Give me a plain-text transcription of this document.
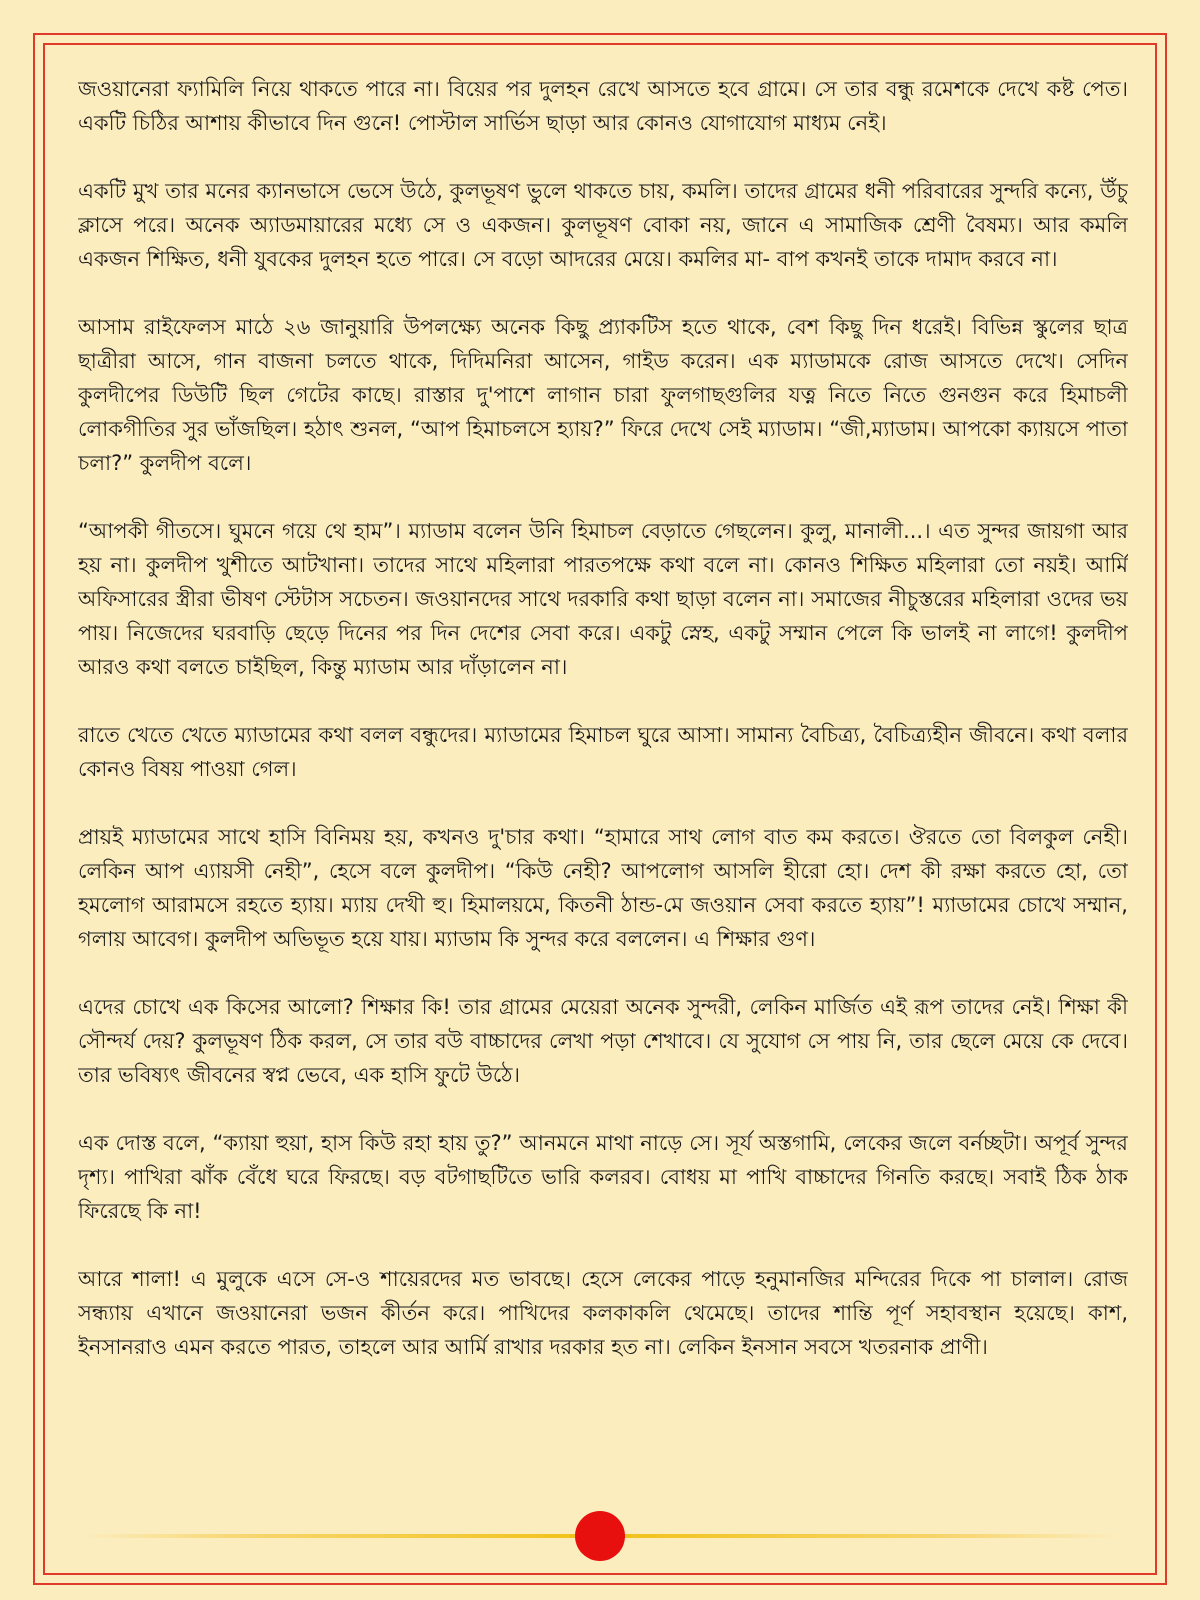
জওয়ানেরা ফ্যামিলি নিয়ে থাকতে পারে না। বিয়ের পর দুলহন রেখে আসতে হবে গ্রামে। সে তার বন্ধু রমেশকে দেখে কষ্ট পেত। একটি চিঠির আশায় কীভাবে দিন গুনে! পোস্টাল সার্ভিস ছাড়া আর কোনও যোগাযোগ মাধ্যম নেই।

একটি মুখ তার মনের ক্যানভাসে ভেসে উঠে, কুলভূষণ ভুলে থাকতে চায়, কমলি। তাদের গ্রামের ধনী পরিবারের সুন্দরি কন্যে, উঁচু ক্লাসে পরে। অনেক অ্যাডমায়ারের মধ্যে সে ও একজন। কুলভূষণ বোকা নয়, জানে এ সামাজিক শ্রেণী বৈষম্য। আর কমলি একজন শিক্ষিত, ধনী যুবকের দুলহন হতে পারে। সে বড়ো আদরের মেয়ে। কমলির মা- বাপ কখনই তাকে দামাদ করবে না।

আসাম রাইফেলস মাঠে ২৬ জানুয়ারি উপলক্ষ্যে অনেক কিছু প্র্যাকটিস হতে থাকে, বেশ কিছু দিন ধরেই। বিভিন্ন স্কুলের ছাত্র ছাত্রীরা আসে, গান বাজনা চলতে থাকে, দিদিমনিরা আসেন, গাইড করেন। এক ম্যাডামকে রোজ আসতে দেখে। সেদিন কুলদীপের ডিউটি ছিল গেটের কাছে। রাস্তার দু'পাশে লাগান চারা ফুলগাছগুলির যত্ন নিতে নিতে গুনগুন করে হিমাচলী লোকগীতির সুর ভাঁজছিল। হঠাৎ শুনল, “আপ হিমাচলসে হ্যায়?” ফিরে দেখে সেই ম্যাডাম। “জী,ম্যাডাম। আপকো ক্যায়সে পাতা চলা?” কুলদীপ বলে।

“আপকী গীতসে। ঘুমনে গয়ে থে হাম”। ম্যাডাম বলেন উনি হিমাচল বেড়াতে গেছলেন। কুলু, মানালী...। এত সুন্দর জায়গা আর হয় না। কুলদীপ খুশীতে আটখানা। তাদের সাথে মহিলারা পারতপক্ষে কথা বলে না। কোনও শিক্ষিত মহিলারা তো নয়ই। আর্মি অফিসারের স্ত্রীরা ভীষণ স্টেটাস সচেতন। জওয়ানদের সাথে দরকারি কথা ছাড়া বলেন না। সমাজের নীচুস্তরের মহিলারা ওদের ভয় পায়। নিজেদের ঘরবাড়ি ছেড়ে দিনের পর দিন দেশের সেবা করে। একটু স্নেহ, একটু সম্মান পেলে কি ভালই না লাগে! কুলদীপ আরও কথা বলতে চাইছিল, কিন্তু ম্যাডাম আর দাঁড়ালেন না।

রাতে খেতে খেতে ম্যাডামের কথা বলল বন্ধুদের। ম্যাডামের হিমাচল ঘুরে আসা। সামান্য বৈচিত্র্য, বৈচিত্র্যহীন জীবনে। কথা বলার কোনও বিষয় পাওয়া গেল।

প্রায়ই ম্যাডামের সাথে হাসি বিনিময় হয়, কখনও দু'চার কথা। “হামারে সাথ লোগ বাত কম করতে। ঔরতে তো বিলকুল নেহী। লেকিন আপ এ্যায়সী নেহী”, হেসে বলে কুলদীপ। “কিউ নেহী? আপলোগ আসলি হীরো হো। দেশ কী রক্ষা করতে হো, তো হমলোগ আরামসে রহতে হ্যায়। ম্যায় দেখী হু। হিমালয়মে, কিতনী ঠান্ড-মে জওয়ান সেবা করতে হ্যায়”! ম্যাডামের চোখে সম্মান, গলায় আবেগ। কুলদীপ অভিভূত হয়ে যায়। ম্যাডাম কি সুন্দর করে বললেন। এ শিক্ষার গুণ।

এদের চোখে এক কিসের আলো? শিক্ষার কি! তার গ্রামের মেয়েরা অনেক সুন্দরী, লেকিন মার্জিত এই রূপ তাদের নেই। শিক্ষা কী সৌন্দর্য দেয়? কুলভূষণ ঠিক করল, সে তার বউ বাচ্চাদের লেখা পড়া শেখাবে। যে সুযোগ সে পায় নি, তার ছেলে মেয়ে কে দেবে। তার ভবিষ্যৎ জীবনের স্বপ্ন ভেবে, এক হাসি ফুটে উঠে।

এক দোস্ত বলে, “ক্যায়া হুয়া, হাস কিউ রহা হায় তু?” আনমনে মাথা নাড়ে সে। সূর্য অস্তগামি, লেকের জলে বর্নচ্ছটা। অপূর্ব সুন্দর দৃশ্য। পাখিরা ঝাঁক বেঁধে ঘরে ফিরছে। বড় বটগাছটিতে ভারি কলরব। বোধয় মা পাখি বাচ্চাদের গিনতি করছে। সবাই ঠিক ঠাক ফিরেছে কি না!

আরে শালা! এ মুলুকে এসে সে-ও শায়েরদের মত ভাবছে। হেসে লেকের পাড়ে হনুমানজির মন্দিরের দিকে পা চালাল। রোজ সন্ধ্যায় এখানে জওয়ানেরা ভজন কীর্তন করে। পাখিদের কলকাকলি থেমেছে। তাদের শান্তি পূর্ণ সহাবস্থান হয়েছে। কাশ, ইনসানরাও এমন করতে পারত, তাহলে আর আর্মি রাখার দরকার হত না। লেকিন ইনসান সবসে খতরনাক প্রাণী।
